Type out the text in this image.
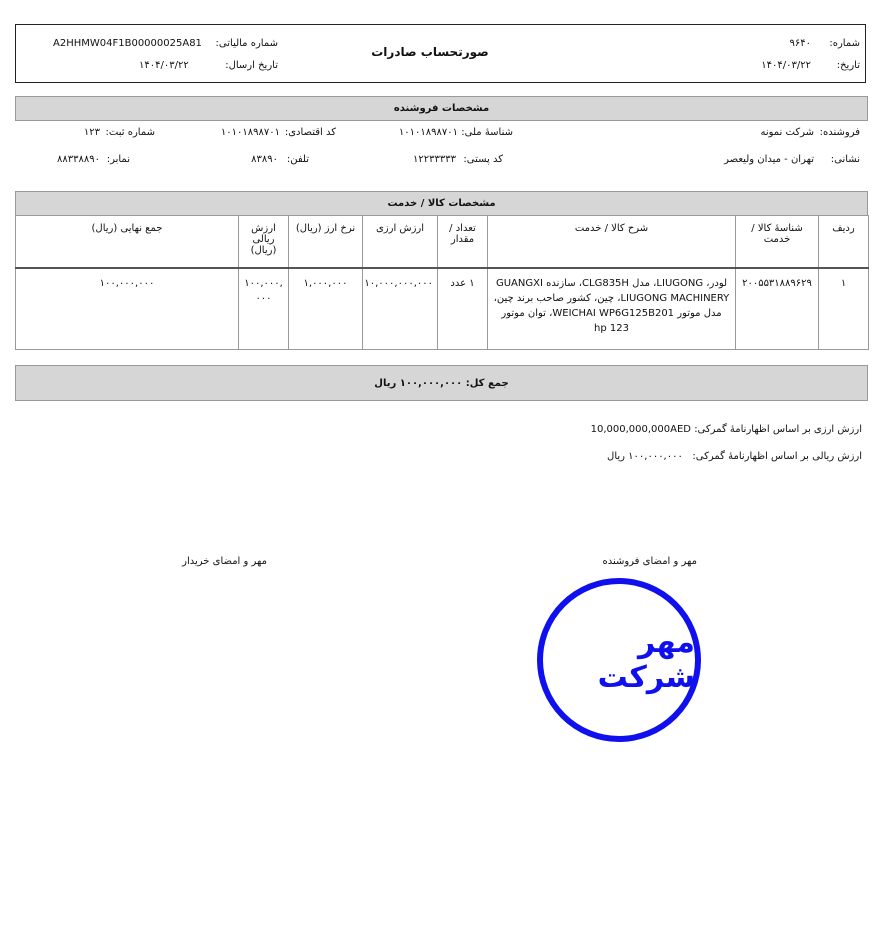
شماره:
۹۶۴۰
تاریخ:
۱۴۰۴/۰۳/۲۲
صورتحساب صادرات
شماره مالیاتی:
A2HHMW04F1B00000025A81
تاریخ ارسال:
۱۴۰۴/۰۳/۲۲
مشخصات فروشنده
فروشنده:
شرکت نمونه
شناسهٔ ملی:
۱۰۱۰۱۸۹۸۷۰۱
کد اقتصادی:
۱۰۱۰۱۸۹۸۷۰۱
شماره ثبت:
۱۲۳
نشانی:
تهران - میدان ولیعصر
کد پستی:
۱۲۲۳۳۳۳۳
تلفن:
۸۳۸۹۰
نمابر:
۸۸۳۳۸۸۹۰
مشخصات کالا / خدمت
ردیف	شناسهٔ کالا / خدمت	شرح کالا / خدمت	تعداد / مقدار	ارزش ارزی	نرخ ارز (ریال)	ارزش ریالی (ریال)	جمع نهایی (ریال)
۱	۲۰۰۵۵۳۱۸۸۹۶۲۹	لودر، LIUGONG، مدل CLG835H، سازنده GUANGXI LIUGONG MACHINERY، چین، کشور صاحب برند چین، مدل موتور WEICHAI WP6G125B201، توان موتور 123 hp	۱ عدد	۱۰,۰۰۰,۰۰۰,۰۰۰	۱,۰۰۰,۰۰۰	۱۰۰,۰۰۰,۰۰۰	۱۰۰,۰۰۰,۰۰۰
جمع کل:

۱۰۰,۰۰۰,۰۰۰ ریال
ارزش ارزی بر اساس اظهارنامهٔ گمرکی: 10,000,000,000AED
ارزش ریالی بر اساس اظهارنامهٔ گمرکی:   ۱۰۰,۰۰۰,۰۰۰ ریال
مهر و امضای فروشنده
مهر و امضای خریدار
مهر شرکت
